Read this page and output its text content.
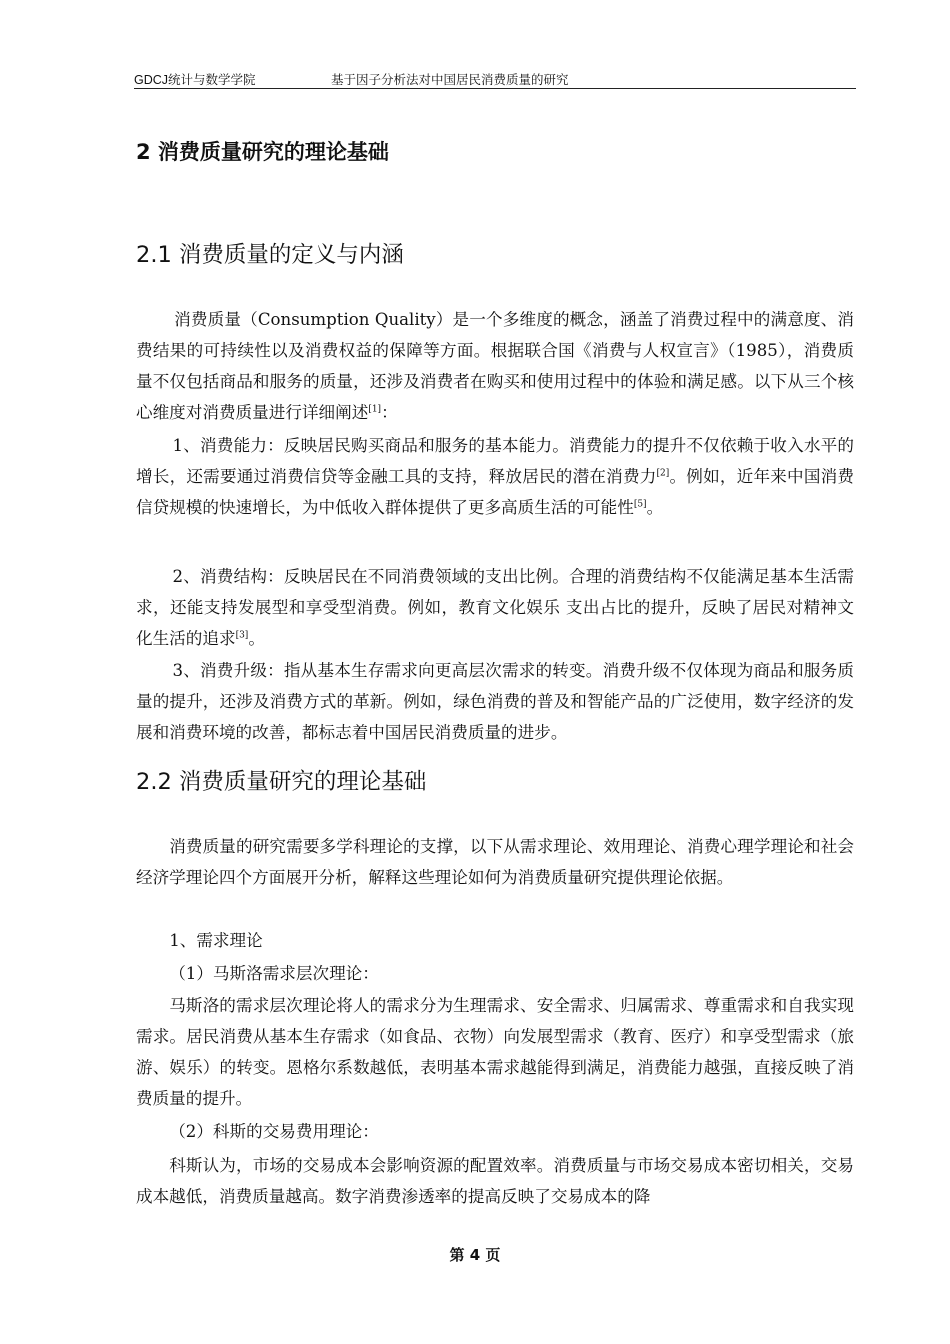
GDCJ统计与数学学院	基于因子分析法对中国居民消费质量的研究
2 消费质量研究的理论基础
2.1 消费质量的定义与内涵

消费质量（Consumption Quality）是一个多维度的概念，涵盖了消费过程中的满意度、消费结果的可持续性以及消费权益的保障等方面。根据联合国《消费与人权宣言》（1985），消费质量不仅包括商品和服务的质量，还涉及消费者在购买和使用过程中的体验和满足感。以下从三个核心维度对消费质量进行详细阐述[1]：

1、消费能力：反映居民购买商品和服务的基本能力。消费能力的提升不仅依赖于收入水平的增长，还需要通过消费信贷等金融工具的支持，释放居民的潜在消费力[2]。例如，近年来中国消费信贷规模的快速增长，为中低收入群体提供了更多高质生活的可能性[5]。

2、消费结构：反映居民在不同消费领域的支出比例。合理的消费结构不仅能满足基本生活需求，还能支持发展型和享受型消费。例如，教育文化娱乐 支出占比的提升，反映了居民对精神文化生活的追求[3]。

3、消费升级：指从基本生存需求向更高层次需求的转变。消费升级不仅体现为商品和服务质量的提升，还涉及消费方式的革新。例如，绿色消费的普及和智能产品的广泛使用，数字经济的发展和消费环境的改善，都标志着中国居民消费质量的进步。

2.2 消费质量研究的理论基础

消费质量的研究需要多学科理论的支撑，以下从需求理论、效用理论、消费心理学理论和社会经济学理论四个方面展开分析，解释这些理论如何为消费质量研究提供理论依据。

1、需求理论

（1）马斯洛需求层次理论：

马斯洛的需求层次理论将人的需求分为生理需求、安全需求、归属需求、尊重需求和自我实现需求。居民消费从基本生存需求（如食品、衣物）向发展型需求（教育、医疗）和享受型需求（旅游、娱乐）的转变。恩格尔系数越低，表明基本需求越能得到满足，消费能力越强，直接反映了消费质量的提升。

（2）科斯的交易费用理论：

科斯认为，市场的交易成本会影响资源的配置效率。消费质量与市场交易成本密切相关，交易成本越低，消费质量越高。数字消费渗透率的提高反映了交易成本的降

第 4 页
